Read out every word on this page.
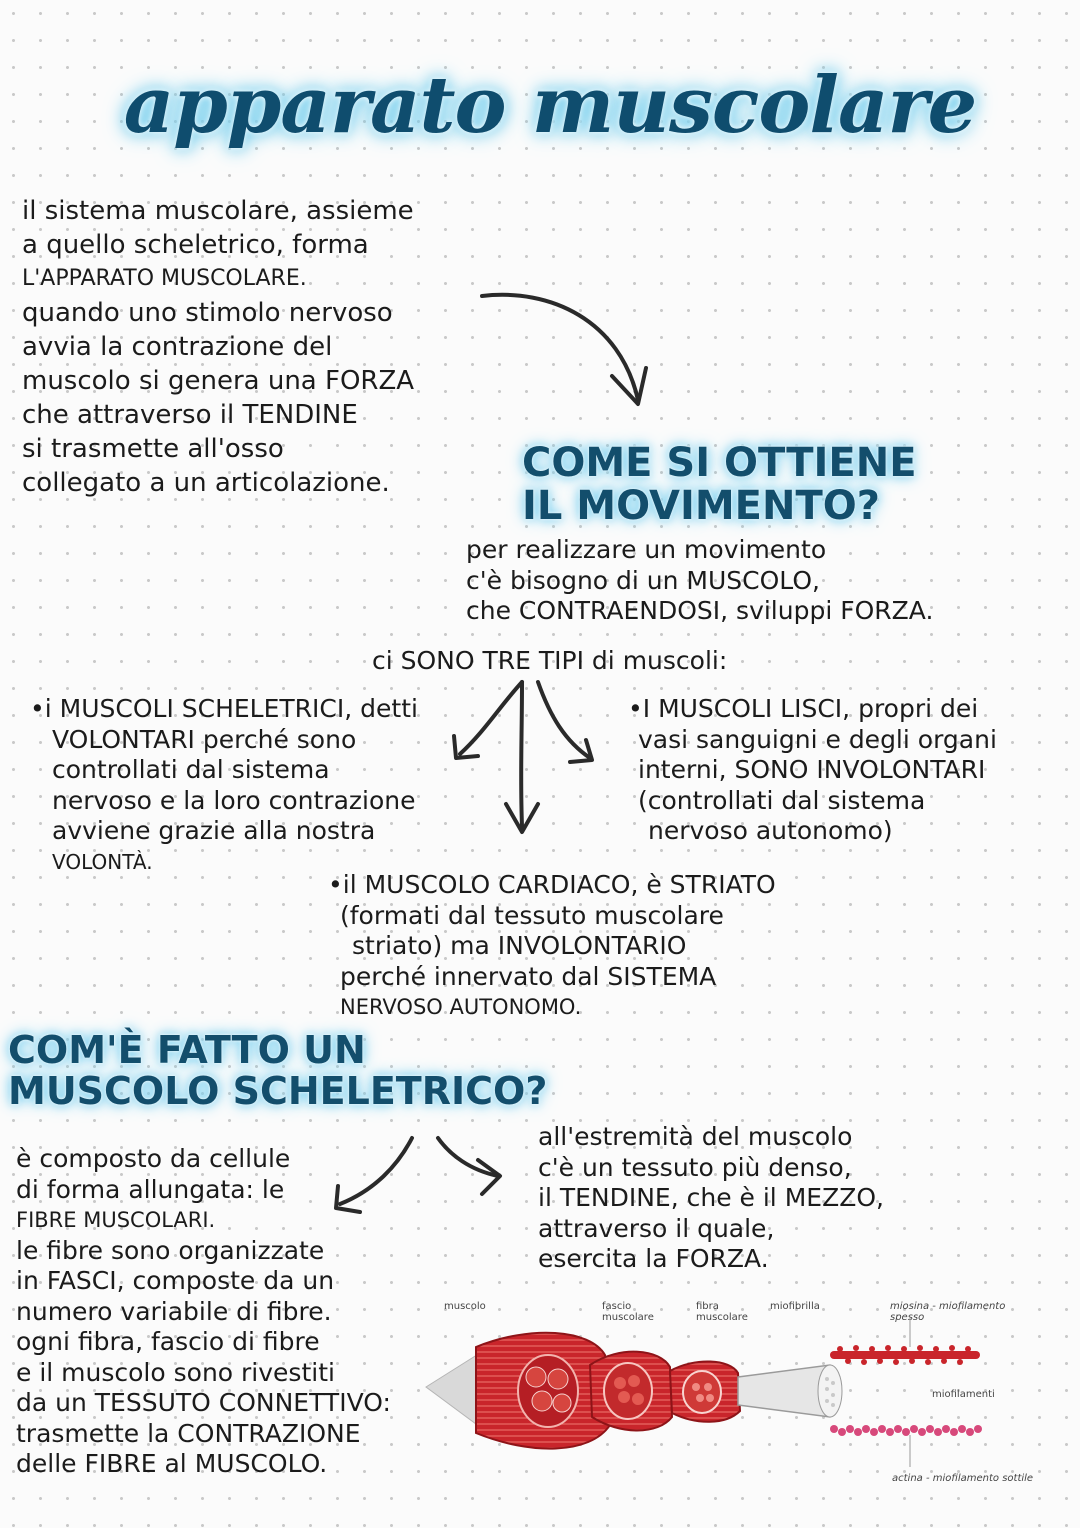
apparato muscolare
il sistema muscolare, assieme
a quello scheletrico, forma
L'APPARATO MUSCOLARE.
quando uno stimolo nervoso
avvia la contrazione del
muscolo si genera una FORZA
che attraverso il TENDINE
si trasmette all'osso
collegato a un articolazione.	COME SI OTTIENE
IL MOVIMENTO?
per realizzare un movimento
c'è bisogno di un MUSCOLO,
che CONTRAENDOSI, sviluppi FORZA.
ci SONO TRE TIPI di muscoli:
•i MUSCOLI SCHELETRICI, detti
VOLONTARI perché sono
controllati dal sistema
nervoso e la loro contrazione
avviene grazie alla nostra
VOLONTÀ.
•I MUSCOLI LISCI, propri dei
vasi sanguigni e degli organi
interni, SONO INVOLONTARI
(controllati dal sistema
nervoso autonomo)
•il MUSCOLO CARDIACO, è STRIATO
(formati dal tessuto muscolare
striato) ma INVOLONTARIO
perché innervato dal SISTEMA
NERVOSO AUTONOMO.
COM'È FATTO UN
MUSCOLO SCHELETRICO?
è composto da cellule
di forma allungata: le
FIBRE MUSCOLARI.
le fibre sono organizzate
in FASCI, composte da un
numero variabile di fibre.
ogni fibra, fascio di fibre
e il muscolo sono rivestiti
da un TESSUTO CONNETTIVO:
trasmette la CONTRAZIONE
delle FIBRE al MUSCOLO.
all'estremità del muscolo
c'è un tessuto più denso,
il TENDINE, che è il MEZZO,
attraverso il quale,
esercita la FORZA.
muscolo	fascio
muscolare
fibra
muscolare
miofibrilla	miosina - miofilamento spesso
miofilamenti
actina - miofilamento sottile
